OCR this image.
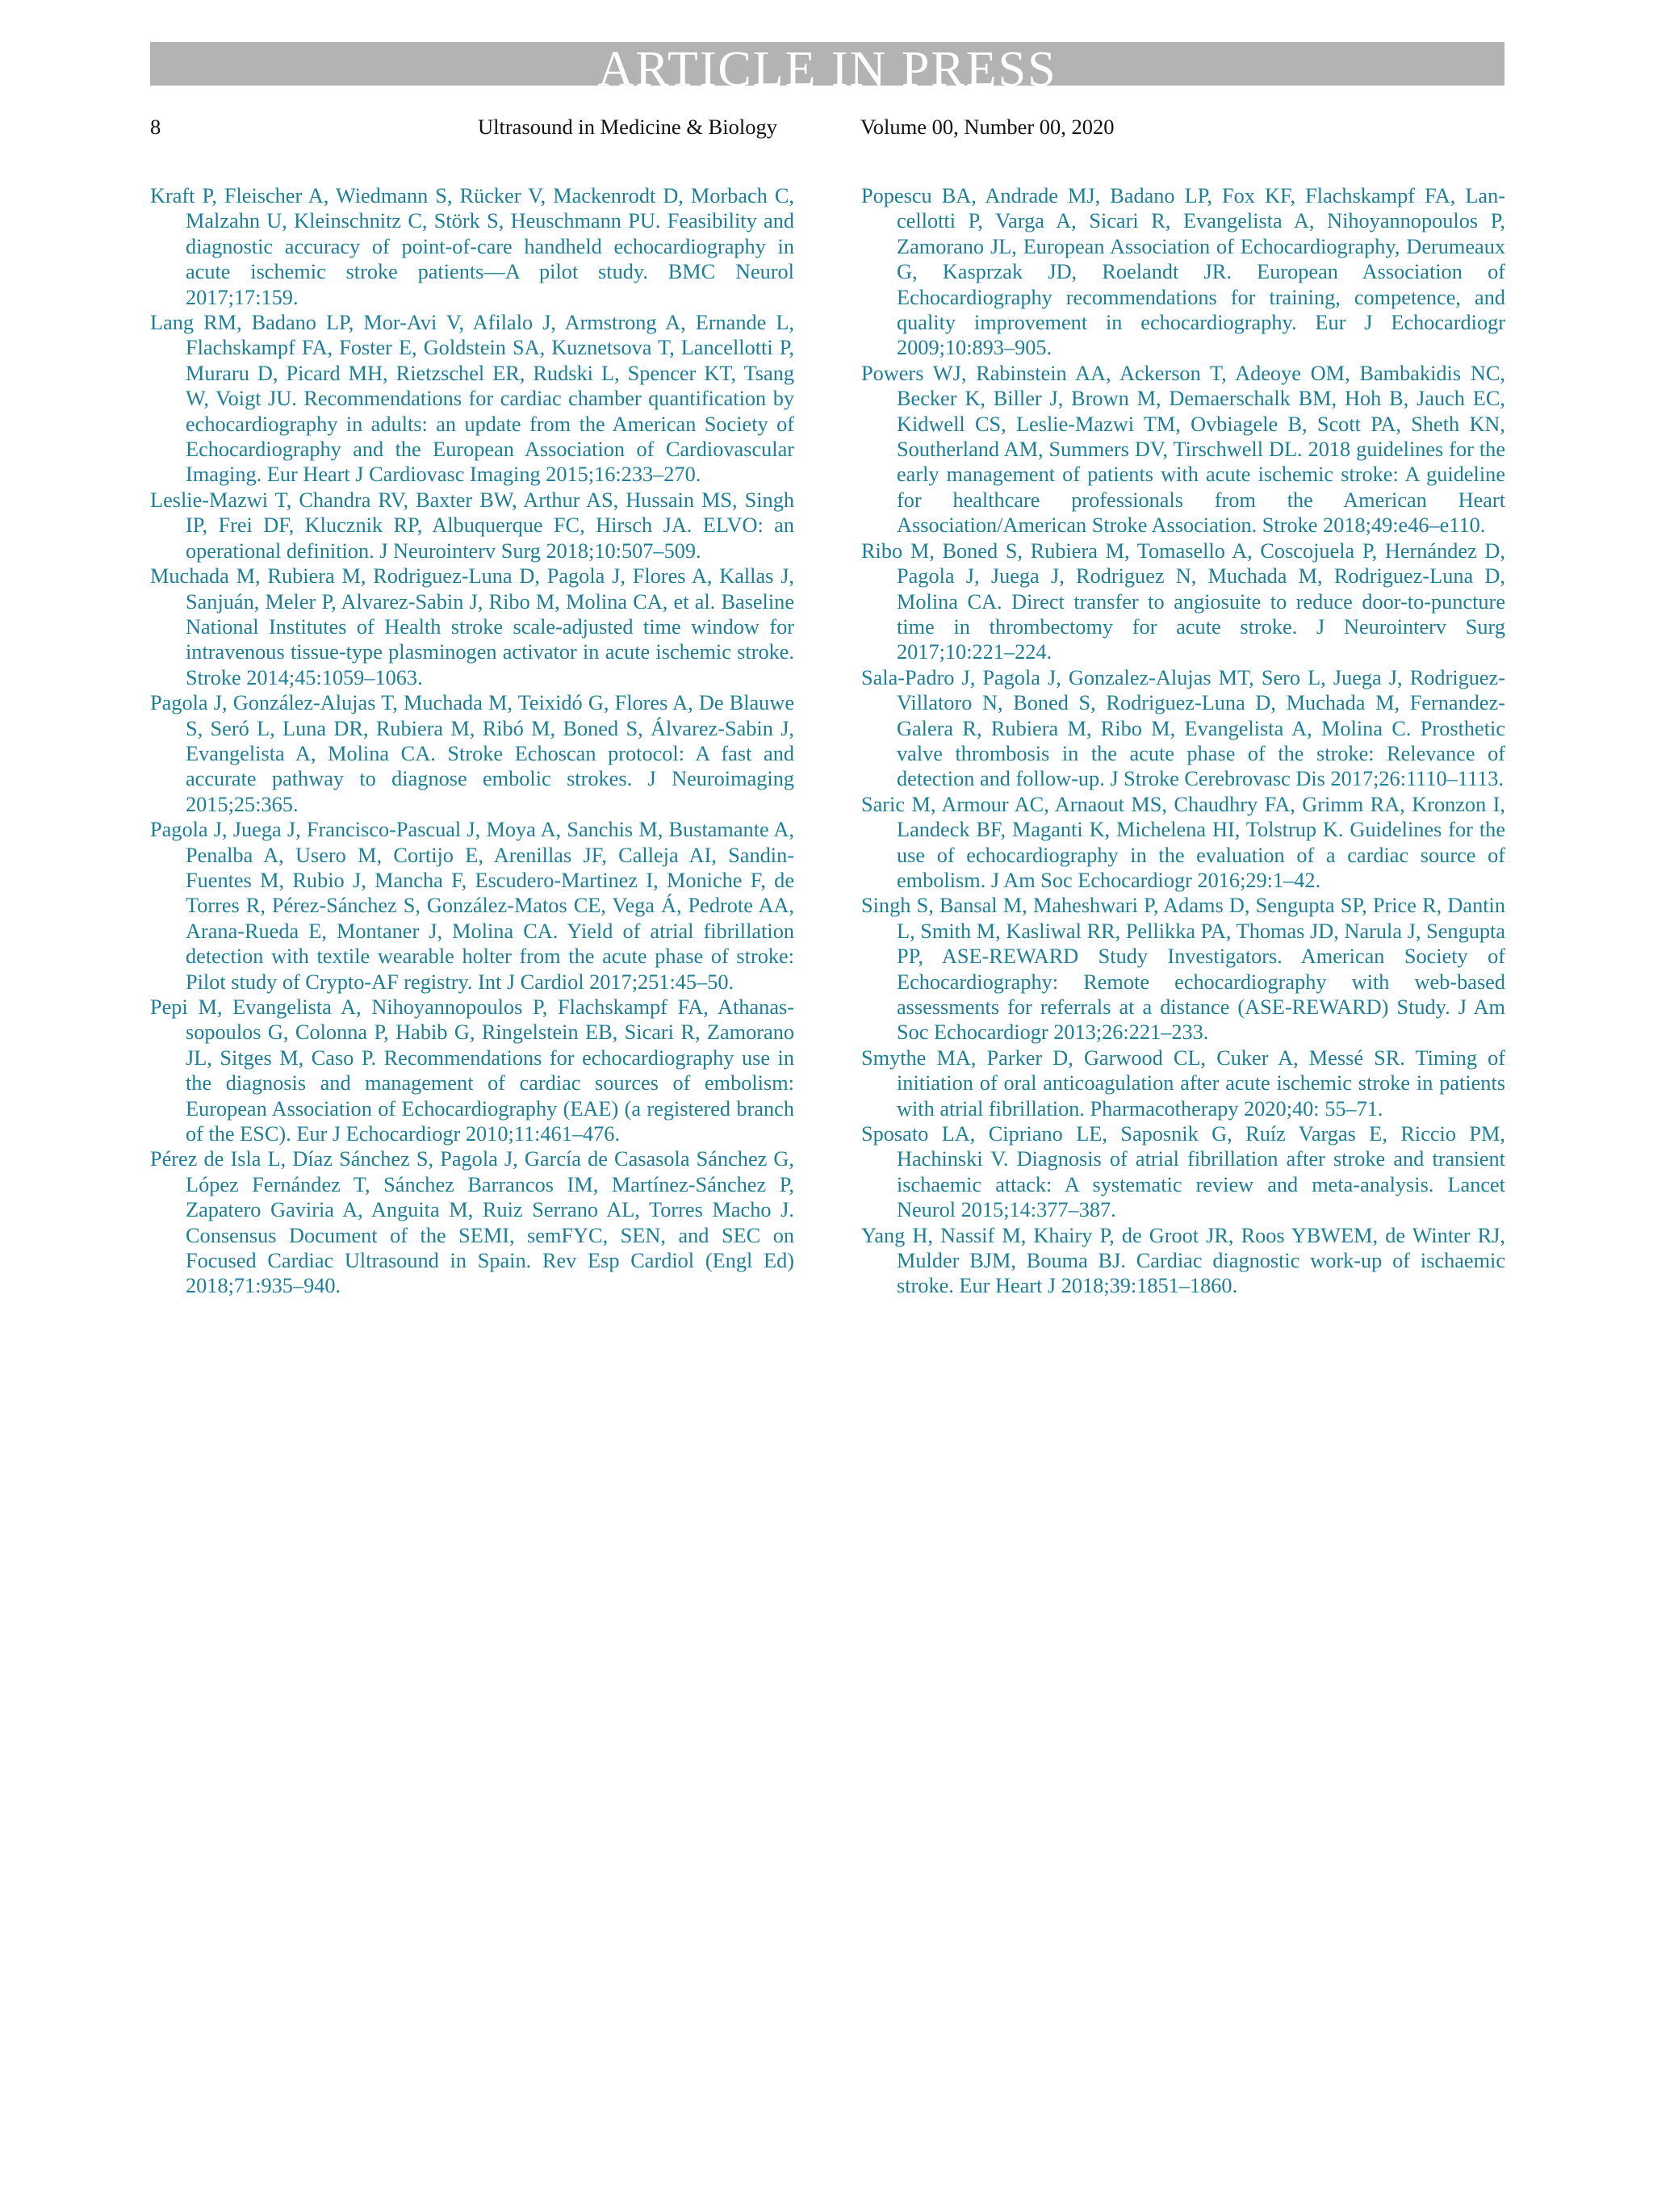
ARTICLE IN PRESS
8	Ultrasound in Medicine & Biology	Volume 00, Number 00, 2020

Kraft P, Fleischer A, Wiedmann S, Rücker V, Mackenrodt D, Morbach C, Malzahn U, Kleinschnitz C, Störk S, Heuschmann PU. Feasibility and diagnostic accuracy of point-of-care handheld echocardiography in acute ischemic stroke patients—A pilot study. BMC Neurol 2017;17:159.

Lang RM, Badano LP, Mor-Avi V, Afilalo J, Armstrong A, Ernande L, Flachskampf FA, Foster E, Goldstein SA, Kuznetsova T, Lancellotti P, Muraru D, Picard MH, Rietzschel ER, Rudski L, Spencer KT, Tsang W, Voigt JU. Recommendations for cardiac chamber quantification by echocardiography in adults: an update from the American Society of Echocardiography and the European Association of Cardiovascular Imaging. Eur Heart J Cardiovasc Imaging 2015;16:233–270.

Leslie-Mazwi T, Chandra RV, Baxter BW, Arthur AS, Hussain MS, Singh IP, Frei DF, Klucznik RP, Albuquerque FC, Hirsch JA. ELVO: an operational definition. J Neurointerv Surg 2018;10:507–509.

Muchada M, Rubiera M, Rodriguez-Luna D, Pagola J, Flores A, Kallas J, Sanjuán, Meler P, Alvarez-Sabin J, Ribo M, Molina CA, et al. Baseline National Institutes of Health stroke scale-adjusted time window for intravenous tissue-type plasminogen activator in acute ischemic stroke. Stroke 2014;45:1059–1063.

Pagola J, González-Alujas T, Muchada M, Teixidó G, Flores A, De Blauwe S, Seró L, Luna DR, Rubiera M, Ribó M, Boned S, Álvarez-Sabin J, Evangelista A, Molina CA. Stroke Echoscan protocol: A fast and accurate pathway to diagnose embolic strokes. J Neuroimaging 2015;25:365.

Pagola J, Juega J, Francisco-Pascual J, Moya A, Sanchis M, Bustamante A, Penalba A, Usero M, Cortijo E, Arenillas JF, Calleja AI, Sandin-Fuentes M, Rubio J, Mancha F, Escudero-Martinez I, Moniche F, de Torres R, Pérez-Sánchez S, González-Matos CE, Vega Á, Pedrote AA, Arana-Rueda E, Montaner J, Molina CA. Yield of atrial fibrillation detection with textile wearable holter from the acute phase of stroke: Pilot study of Crypto-AF registry. Int J Cardiol 2017;251:45–50.

Pepi M, Evangelista A, Nihoyannopoulos P, Flachskampf FA, Athanassopoulos G, Colonna P, Habib G, Ringelstein EB, Sicari R, Zamorano JL, Sitges M, Caso P. Recommendations for echocardiography use in the diagnosis and management of cardiac sources of embolism: European Association of Echocardiography (EAE) (a registered branch of the ESC). Eur J Echocardiogr 2010;11:461–476.

Pérez de Isla L, Díaz Sánchez S, Pagola J, García de Casasola Sánchez G, López Fernández T, Sánchez Barrancos IM, Martínez-Sánchez P, Zapatero Gaviria A, Anguita M, Ruiz Serrano AL, Torres Macho J. Consensus Document of the SEMI, semFYC, SEN, and SEC on Focused Cardiac Ultrasound in Spain. Rev Esp Cardiol (Engl Ed) 2018;71:935–940.

Popescu BA, Andrade MJ, Badano LP, Fox KF, Flachskampf FA, Lancellotti P, Varga A, Sicari R, Evangelista A, Nihoyannopoulos P, Zamorano JL, European Association of Echocardiography, Derumeaux G, Kasprzak JD, Roelandt JR. European Association of Echocardiography recommendations for training, competence, and quality improvement in echocardiography. Eur J Echocardiogr 2009;10:893–905.

Powers WJ, Rabinstein AA, Ackerson T, Adeoye OM, Bambakidis NC, Becker K, Biller J, Brown M, Demaerschalk BM, Hoh B, Jauch EC, Kidwell CS, Leslie-Mazwi TM, Ovbiagele B, Scott PA, Sheth KN, Southerland AM, Summers DV, Tirschwell DL. 2018 guidelines for the early management of patients with acute ischemic stroke: A guideline for healthcare professionals from the American Heart Association/American Stroke Association. Stroke 2018;49:e46–e110.

Ribo M, Boned S, Rubiera M, Tomasello A, Coscojuela P, Hernández D, Pagola J, Juega J, Rodriguez N, Muchada M, Rodriguez-Luna D, Molina CA. Direct transfer to angiosuite to reduce door-to-puncture time in thrombectomy for acute stroke. J Neurointerv Surg 2017;10:221–224.

Sala-Padro J, Pagola J, Gonzalez-Alujas MT, Sero L, Juega J, Rodriguez-Villatoro N, Boned S, Rodriguez-Luna D, Muchada M, Fernandez-Galera R, Rubiera M, Ribo M, Evangelista A, Molina C. Prosthetic valve thrombosis in the acute phase of the stroke: Relevance of detection and follow-up. J Stroke Cerebrovasc Dis 2017;26:1110–1113.

Saric M, Armour AC, Arnaout MS, Chaudhry FA, Grimm RA, Kronzon I, Landeck BF, Maganti K, Michelena HI, Tolstrup K. Guidelines for the use of echocardiography in the evaluation of a cardiac source of embolism. J Am Soc Echocardiogr 2016;29:1–42.

Singh S, Bansal M, Maheshwari P, Adams D, Sengupta SP, Price R, Dantin L, Smith M, Kasliwal RR, Pellikka PA, Thomas JD, Narula J, Sengupta PP, ASE-REWARD Study Investigators. American Society of Echocardiography: Remote echocardiography with web-based assessments for referrals at a distance (ASE-REWARD) Study. J Am Soc Echocardiogr 2013;26:221–233.

Smythe MA, Parker D, Garwood CL, Cuker A, Messé SR. Timing of initiation of oral anticoagulation after acute ischemic stroke in patients with atrial fibrillation. Pharmacotherapy 2020;40: 55–71.

Sposato LA, Cipriano LE, Saposnik G, Ruíz Vargas E, Riccio PM, Hachinski V. Diagnosis of atrial fibrillation after stroke and transient ischaemic attack: A systematic review and meta-analysis. Lancet Neurol 2015;14:377–387.

Yang H, Nassif M, Khairy P, de Groot JR, Roos YBWEM, de Winter RJ, Mulder BJM, Bouma BJ. Cardiac diagnostic work-up of ischaemic stroke. Eur Heart J 2018;39:1851–1860.
